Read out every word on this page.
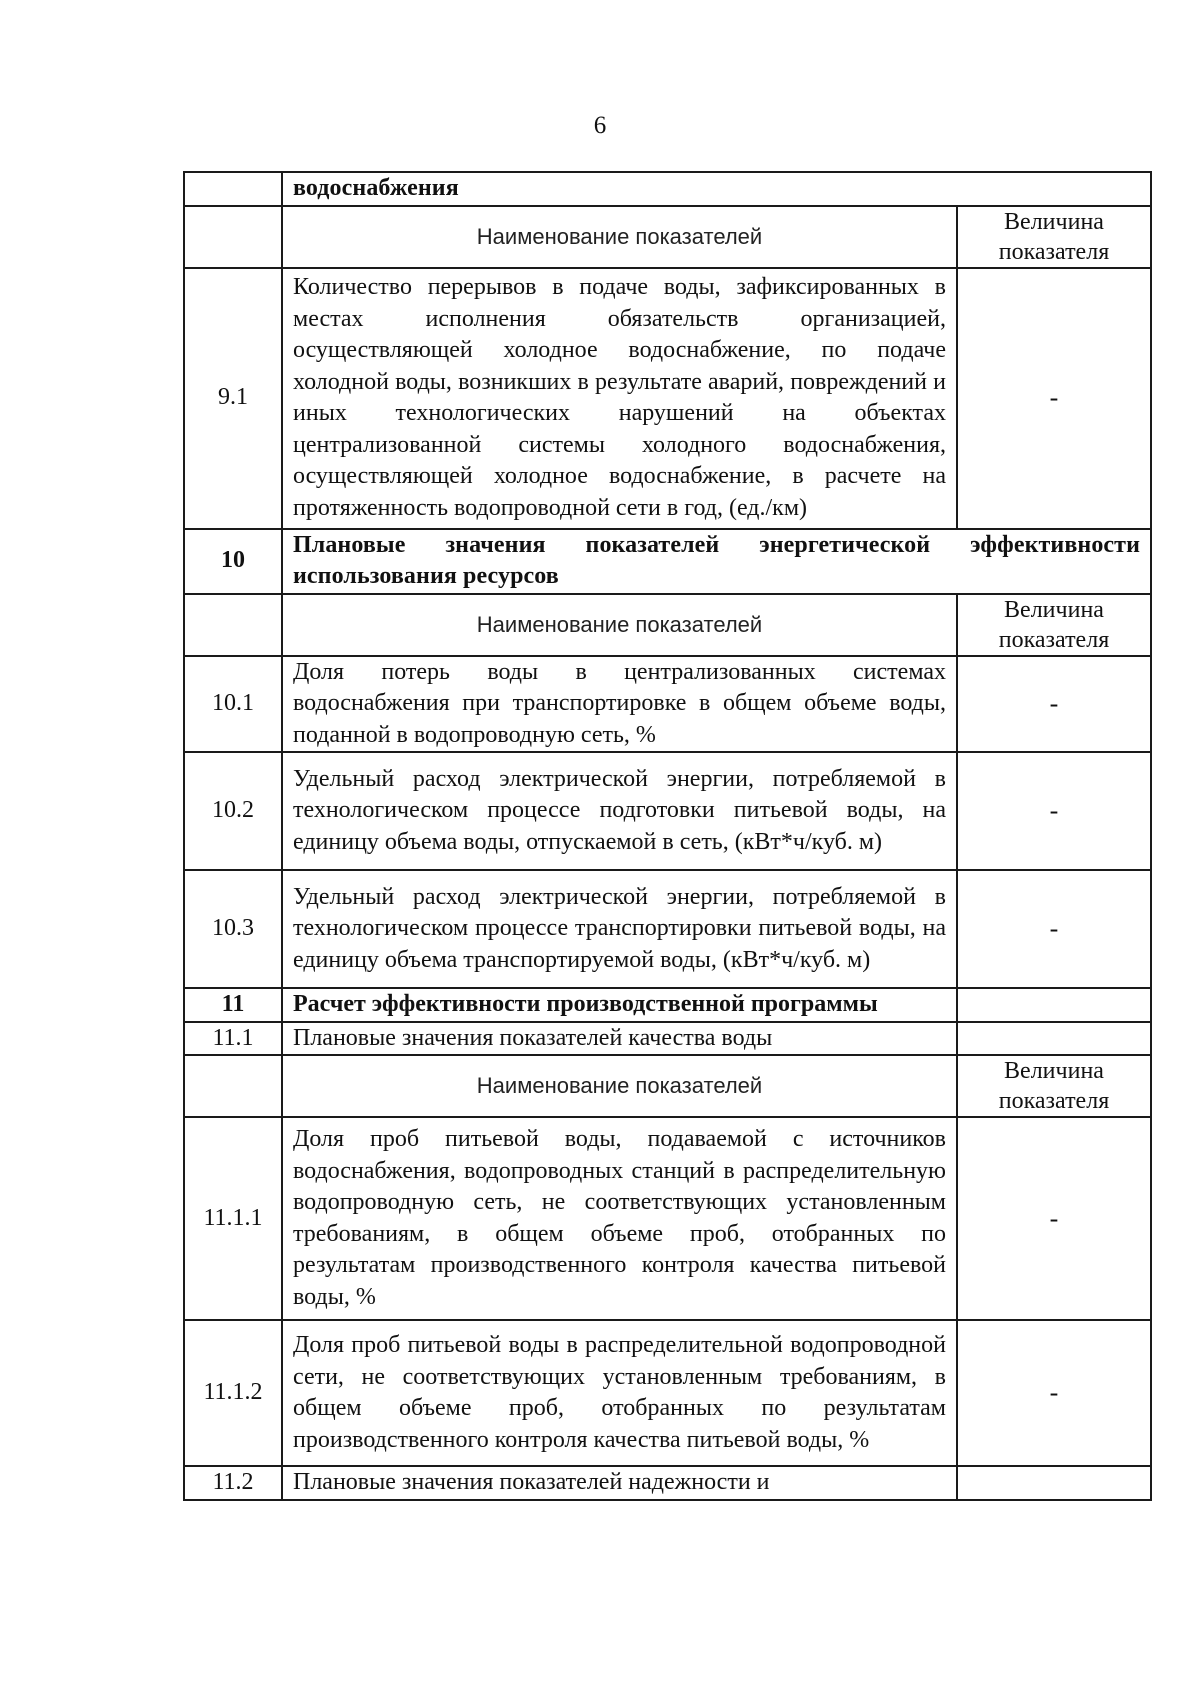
6
	водоснабжения	
	Наименование показателей	Величина показателя
9.1	Количество перерывов в подаче воды, зафиксированных в местах исполнения обязательств организацией, осуществляющей холодное водоснабжение, по подаче холодной воды, возникших в результате аварий, повреждений и иных технологических нарушений на объектах централизованной системы холодного водоснабжения, осуществляющей холодное водоснабжение, в расчете на протяженность водопроводной сети в год, (ед./км)	-
10	Плановые значения показателей энергетической эффективности использования ресурсов	
	Наименование показателей	Величина показателя
10.1	Доля потерь воды в централизованных системах водоснабжения при транспортировке в общем объеме воды, поданной в водопроводную сеть, %	-
10.2	Удельный расход электрической энергии, потребляемой в технологическом процессе подготовки питьевой воды, на единицу объема воды, отпускаемой в сеть, (кВт*ч/куб. м)	-
10.3	Удельный расход электрической энергии, потребляемой в технологическом процессе транспортировки питьевой воды, на единицу объема транспортируемой воды, (кВт*ч/куб. м)	-
11	Расчет эффективности производственной программы	
11.1	Плановые значения показателей качества воды	
	Наименование показателей	Величина показателя
11.1.1	Доля проб питьевой воды, подаваемой с источников водоснабжения, водопроводных станций в распределительную водопроводную сеть, не соответствующих установленным требованиям, в общем объеме проб, отобранных по результатам производственного контроля качества питьевой воды, %	-
11.1.2	Доля проб питьевой воды в распределительной водопроводной сети, не соответствующих установленным требованиям, в общем объеме проб, отобранных по результатам производственного контроля качества питьевой воды, %	-
11.2	Плановые значения показателей надежности и	
